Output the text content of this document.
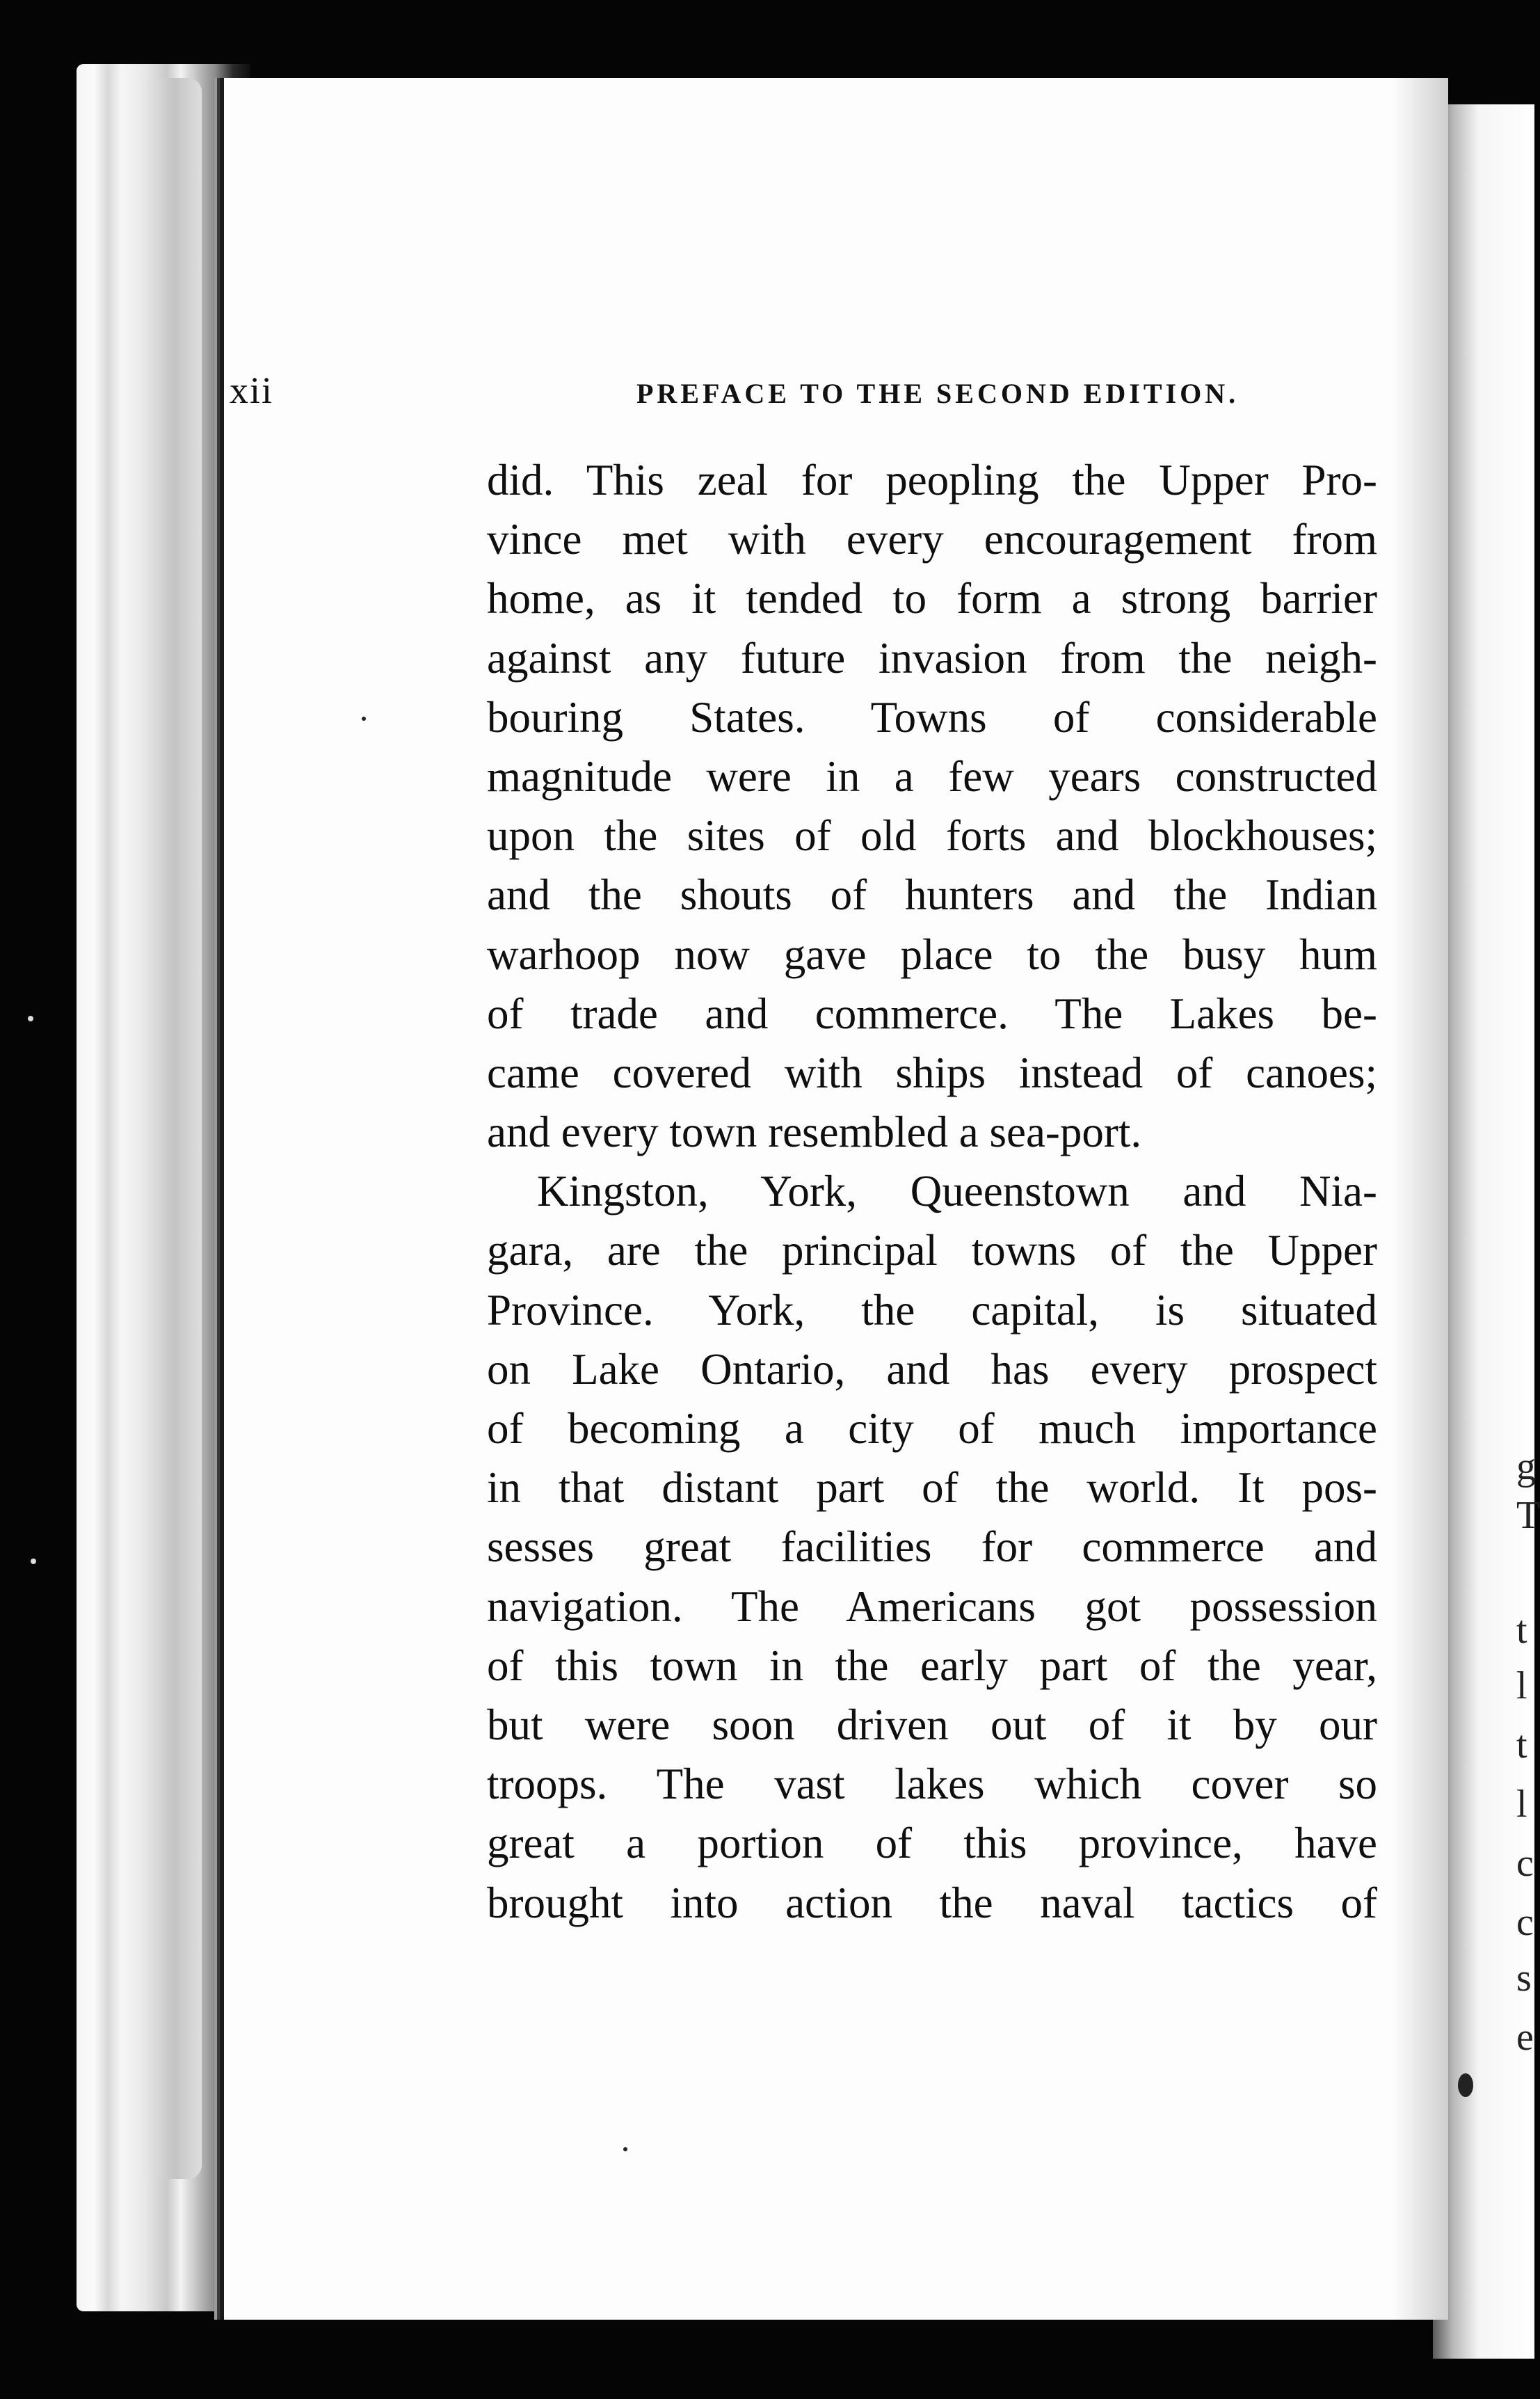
g
T
t
l
t
l
c
c
s
e
xii	PREFACE TO THE SECOND EDITION.
did. This zeal for peopling the Upper Pro-
vince met with every encouragement from
home, as it tended to form a strong barrier
against any future invasion from the neigh-
bouring States. Towns of considerable
magnitude were in a few years constructed
upon the sites of old forts and blockhouses;
and the shouts of hunters and the Indian
warhoop now gave place to the busy hum
of trade and commerce. The Lakes be-
came covered with ships instead of canoes;
and every town resembled a sea-port.
Kingston, York, Queenstown and Nia-
gara, are the principal towns of the Upper
Province. York, the capital, is situated
on Lake Ontario, and has every prospect
of becoming a city of much importance
in that distant part of the world. It pos-
sesses great facilities for commerce and
navigation. The Americans got possession
of this town in the early part of the year,
but were soon driven out of it by our
troops. The vast lakes which cover so
great a portion of this province, have
brought into action the naval tactics of
